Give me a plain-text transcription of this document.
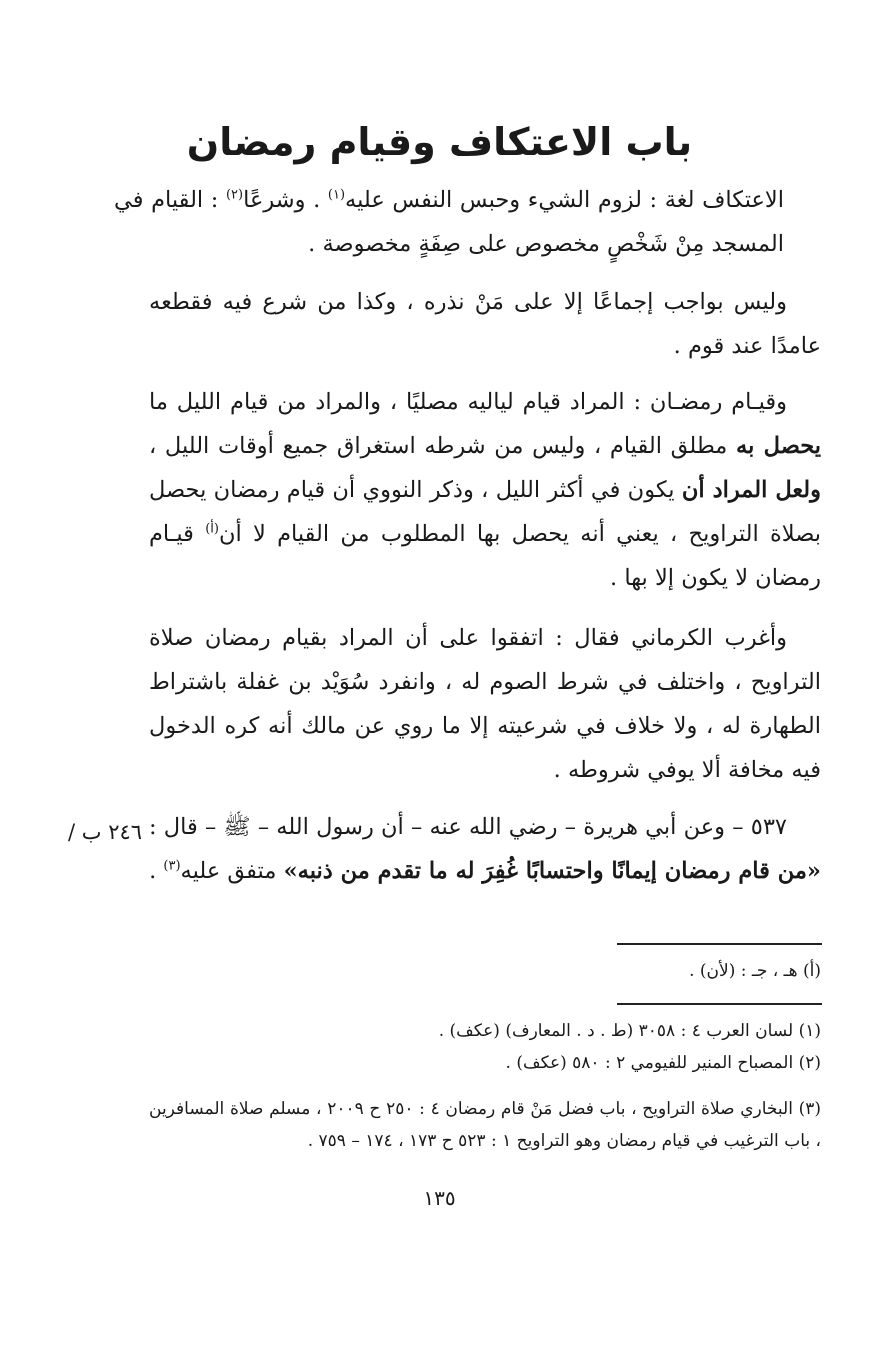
باب الاعتكاف وقيام رمضان

الاعتكاف لغة : لزوم الشيء وحبس النفس عليه$^{(١)}$ . وشرعًا$^{(٢)}$ : القيام في المسجد مِنْ شَخْصٍ مخصوص على صِفَةٍ مخصوصة .

وليس بواجب إجماعًا إلا على مَنْ نذره ، وكذا من شرع فيه فقطعه عامدًا عند قوم .

وقيـام رمضـان : المراد قيام لياليه مصليًا ، والمراد من قيام الليل ما يحصل به مطلق القيام ، وليس من شرطه استغراق جميع أوقات الليل ، ولعل المراد أن يكون في أكثر الليل ، وذكر النووي أن قيام رمضان يحصل بصلاة التراويح ، يعني أنه يحصل بها المطلوب من القيام لا أن$^{(أ)}$ قيـام رمضان لا يكون إلا بها .

وأغرب الكرماني فقال : اتفقوا على أن المراد بقيام رمضان صلاة التراويح ، واختلف في شرط الصوم له ، وانفرد سُوَيْد بن غفلة باشتراط الطهارة له ، ولا خلاف في شرعيته إلا ما روي عن مالك أنه كره الدخول فيه مخافة ألا يوفي شروطه .

٥٣٧ – وعن أبي هريرة – رضي الله عنه – أن رسول الله – ﷺ – قال : «من قام رمضان إيمانًا واحتسابًا غُفِرَ له ما تقدم من ذنبه» متفق عليه$^{(٣)}$ .

٢٤٦ ب /

(أ) هـ ، جـ : (لأن) .

(١) لسان العرب ٤ : ٣٠٥٨ (ط . د . المعارف) (عكف) .

(٢) المصباح المنير للفيومي ٢ : ٥٨٠ (عكف) .

(٣) البخاري صلاة التراويح ، باب فضل مَنْ قام رمضان ٤ : ٢٥٠ ح ٢٠٠٩ ، مسلم صلاة المسافرين ، باب الترغيب في قيام رمضان وهو التراويح ١ : ٥٢٣ ح ١٧٣ ، ١٧٤ – ٧٥٩ .

١٣٥
